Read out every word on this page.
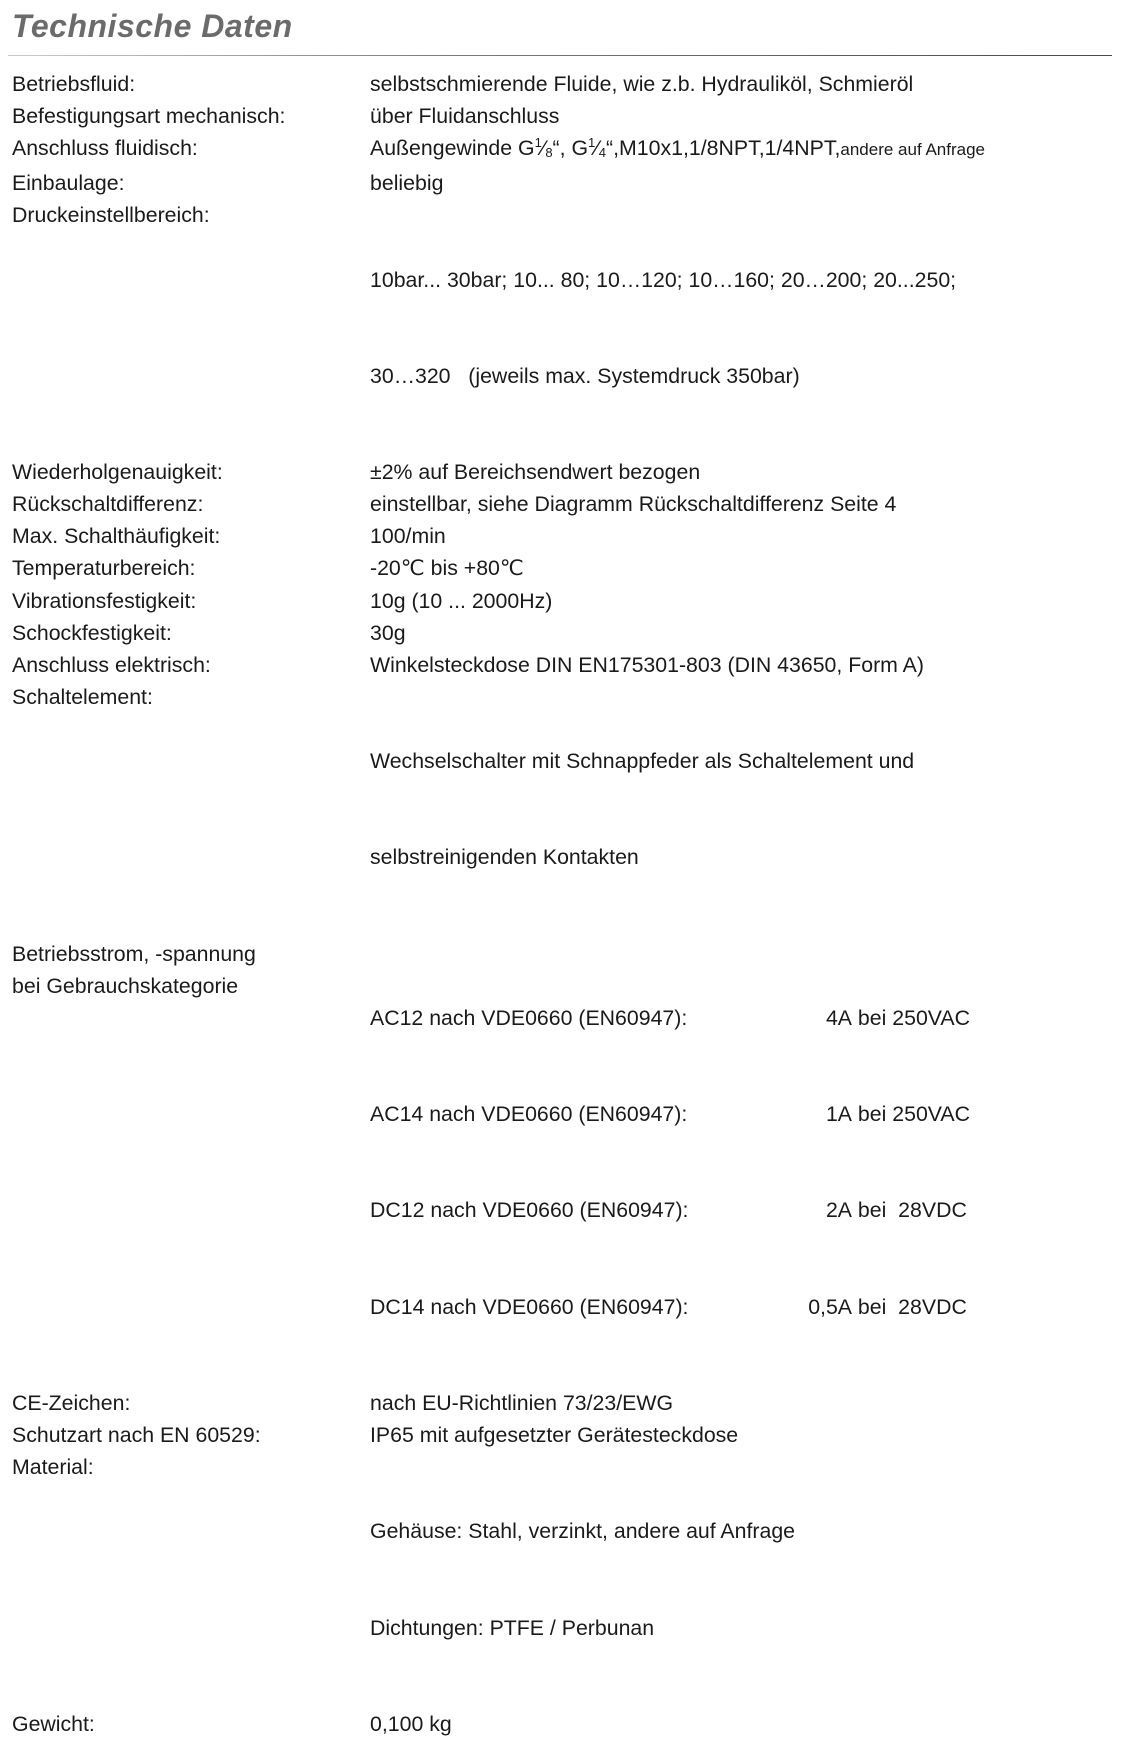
Technische Daten
Betriebsfluid:	selbstschmierende Fluide, wie z.b. Hydrauliköl, Schmieröl
Befestigungsart mechanisch:	über Fluidanschluss
Anschluss fluidisch:	Außengewinde $G^1⁄8“$, $G^1⁄4“,M10x1,1/8NPT,1/4NPT,andere$ auf Anfrage
Einbaulage:	beliebig
Druckeinstellbereich:

10bar... 30bar; 10... 80; 10…120; 10…160; 20…200; 20...250;

30…320   (jeweils max. Systemdruck 350bar)

Wiederholgenauigkeit:	±2% auf Bereichsendwert bezogen
Rückschaltdifferenz:	einstellbar, siehe Diagramm Rückschaltdifferenz Seite 4
Max. Schalthäufigkeit:	100/min
Temperaturbereich:	-20℃ bis +80℃
Vibrationsfestigkeit:	10g (10 ... 2000Hz)
Schockfestigkeit:	30g
Anschluss elektrisch:	Winkelsteckdose DIN EN175301-803 (DIN 43650, Form A)
Schaltelement:

Wechselschalter mit Schnappfeder als Schaltelement und

selbstreinigenden Kontakten

Betriebsstrom, -spannung
bei Gebrauchskategorie

AC12 nach VDE0660 (EN60947):	4A bei 250VAC

AC14 nach VDE0660 (EN60947):	1A bei 250VAC

DC12 nach VDE0660 (EN60947):	2A bei  28VDC

DC14 nach VDE0660 (EN60947):	0,5A bei  28VDC

CE-Zeichen:	nach EU-Richtlinien 73/23/EWG
Schutzart nach EN 60529:	IP65 mit aufgesetzter Gerätesteckdose
Material:

Gehäuse: Stahl, verzinkt, andere auf Anfrage

Dichtungen: PTFE / Perbunan

Gewicht:	0,100 kg
